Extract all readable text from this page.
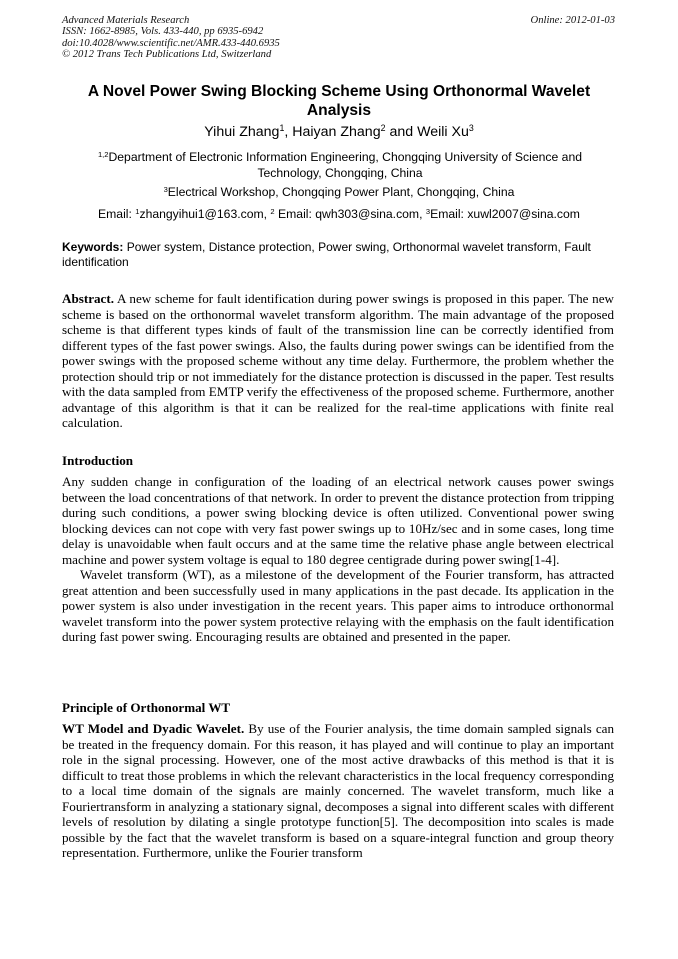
Advanced Materials Research
ISSN: 1662-8985, Vols. 433-440, pp 6935-6942
doi:10.4028/www.scientific.net/AMR.433-440.6935
© 2012 Trans Tech Publications Ltd, Switzerland
Online: 2012-01-03
A Novel Power Swing Blocking Scheme Using Orthonormal Wavelet Analysis
Yihui Zhang$^1$, Haiyan Zhang$^2$ and Weili Xu$^3$
$^{1,2}$Department of Electronic Information Engineering, Chongqing University of Science and Technology, Chongqing, China
$^3$Electrical Workshop, Chongqing Power Plant, Chongqing, China
Email: $^1$zhangyihui1@163.com, $^2$ Email: qwh303@sina.com, $^3$Email: xuwl2007@sina.com
Keywords: Power system, Distance protection, Power swing, Orthonormal wavelet transform, Fault identification

Abstract. A new scheme for fault identification during power swings is proposed in this paper. The new scheme is based on the orthonormal wavelet transform algorithm. The main advantage of the proposed scheme is that different types kinds of fault of the transmission line can be correctly identified from different types of the fast power swings. Also, the faults during power swings can be identified from the power swings with the proposed scheme without any time delay. Furthermore, the problem whether the protection should trip or not immediately for the distance protection is discussed in the paper. Test results with the data sampled from EMTP verify the effectiveness of the proposed scheme. Furthermore, another advantage of this algorithm is that it can be realized for the real-time applications with finite real calculation.

Introduction

Any sudden change in configuration of the loading of an electrical network causes power swings between the load concentrations of that network. In order to prevent the distance protection from tripping during such conditions, a power swing blocking device is often utilized. Conventional power swing blocking devices can not cope with very fast power swings up to 10Hz/sec and in some cases, long time delay is unavoidable when fault occurs and at the same time the relative phase angle between electrical machine and power system voltage is equal to 180 degree centigrade during power swing[1-4].

Wavelet transform (WT), as a milestone of the development of the Fourier transform, has attracted great attention and been successfully used in many applications in the past decade. Its application in the power system is also under investigation in the recent years. This paper aims to introduce orthonormal wavelet transform into the power system protective relaying with the emphasis on the fault identification during fast power swing. Encouraging results are obtained and presented in the paper.

Principle of Orthonormal WT

WT Model and Dyadic Wavelet. By use of the Fourier analysis, the time domain sampled signals can be treated in the frequency domain. For this reason, it has played and will continue to play an important role in the signal processing. However, one of the most active drawbacks of this method is that it is difficult to treat those problems in which the relevant characteristics in the local frequency corresponding to a local time domain of the signals are mainly concerned. The wavelet transform, much like a Fouriertransform in analyzing a stationary signal, decomposes a signal into different scales with different levels of resolution by dilating a single prototype function[5]. The decomposition into scales is made possible by the fact that the wavelet transform is based on a square-integral function and group theory representation. Furthermore, unlike the Fourier transform
